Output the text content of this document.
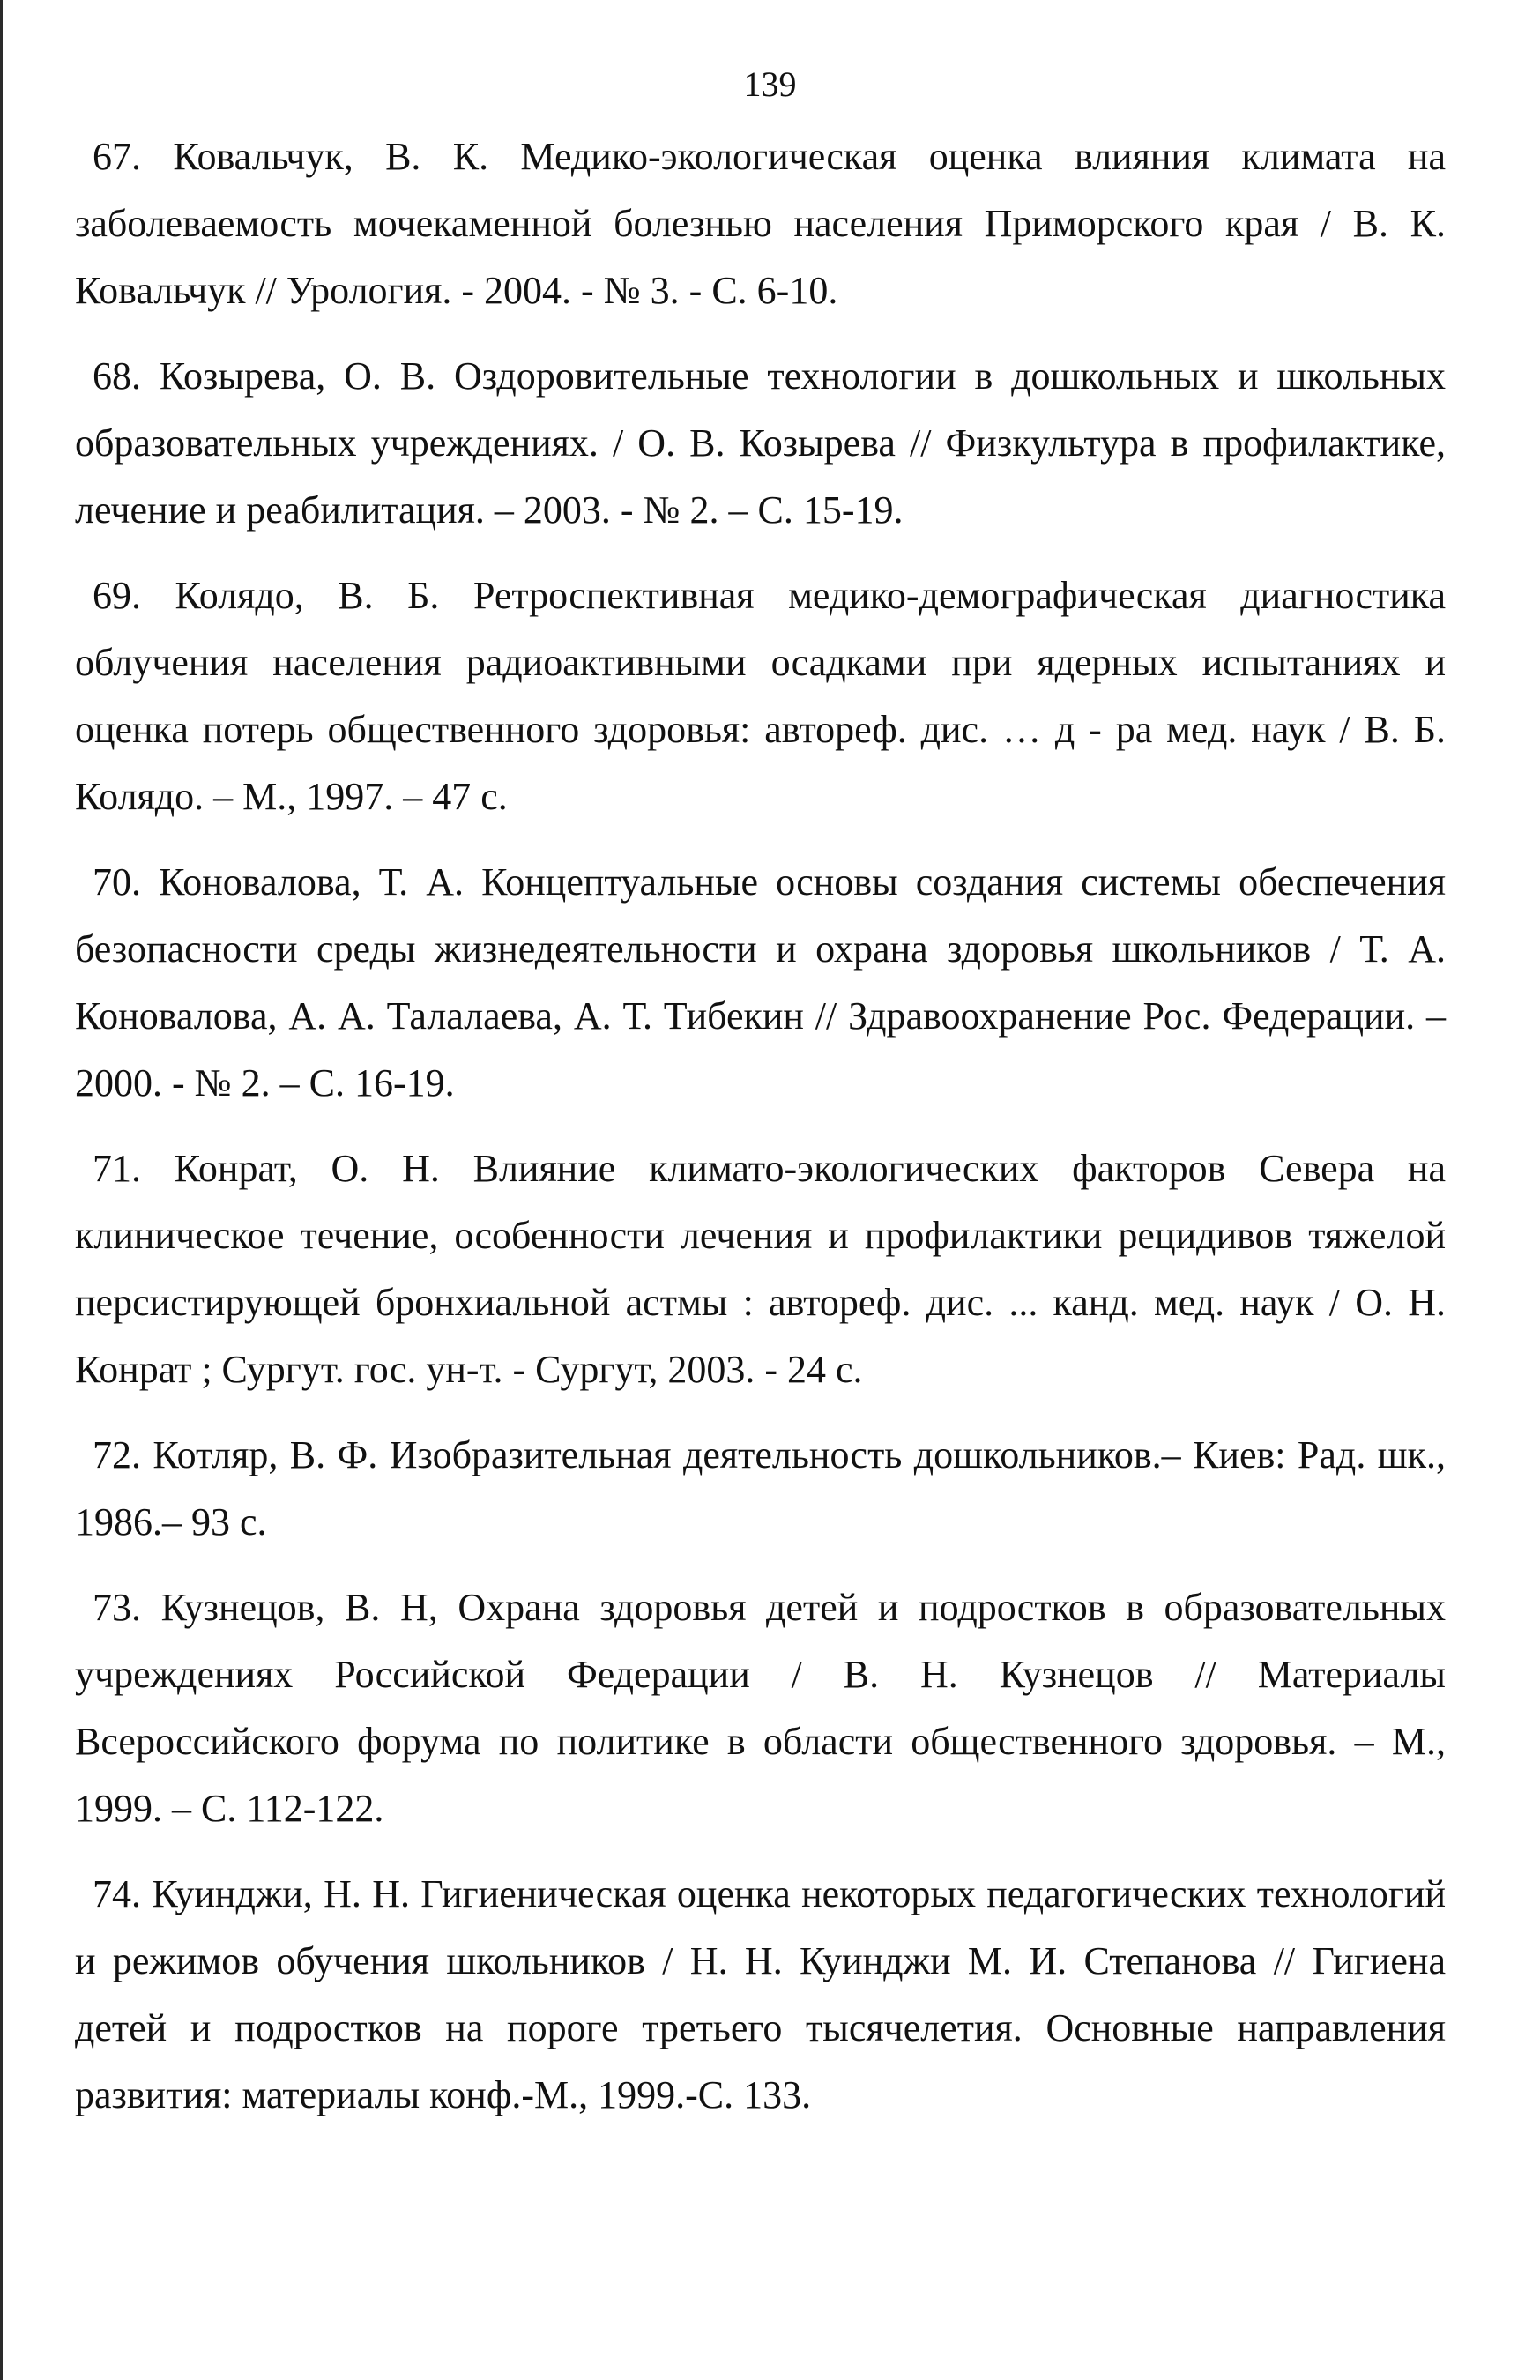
139

67. Ковальчук, В. К. Медико-экологическая оценка влияния климата на заболеваемость мочекаменной болезнью населения Приморского края / В. К. Ковальчук // Урология. - 2004. - № 3. - С. 6-10.

68. Козырева, О. В. Оздоровительные технологии в дошкольных и школьных образовательных учреждениях. / О. В. Козырева // Физкультура в профилактике, лечение и реабилитация. – 2003. - № 2. – С. 15-19.

69. Колядо, В. Б. Ретроспективная медико-демографическая диагностика облучения населения радиоактивными осадками при ядерных испытаниях и оценка потерь общественного здоровья: автореф. дис. … д - ра мед. наук / В. Б. Колядо. – М., 1997. – 47 с.

70. Коновалова, Т. А. Концептуальные основы создания системы обеспечения безопасности среды жизнедеятельности и охрана здоровья школьников / Т. А. Коновалова, А. А. Талалаева, А. Т. Тибекин // Здравоохранение Рос. Федерации. – 2000. - № 2. – С. 16-19.

71. Конрат, О. Н. Влияние климато-экологических факторов Севера на клиническое течение, особенности лечения и профилактики рецидивов тяжелой персистирующей бронхиальной астмы : автореф. дис. ... канд. мед. наук / О. Н. Конрат ; Сургут. гос. ун-т. - Сургут, 2003. - 24 с.

72. Котляр, В. Ф. Изобразительная деятельность дошкольников.– Киев: Рад. шк., 1986.– 93 с.

73. Кузнецов, В. Н, Охрана здоровья детей и подростков в образовательных учреждениях Российской Федерации / В. Н. Кузнецов // Материалы Всероссийского форума по политике в области общественного здоровья. – М., 1999. – С. 112-122.

74. Куинджи, Н. Н. Гигиеническая оценка некоторых педагогических технологий и режимов обучения школьников / Н. Н. Куинджи М. И. Степанова // Гигиена детей и подростков на пороге третьего тысячелетия. Основные направления развития: материалы конф.-М., 1999.-С. 133.
